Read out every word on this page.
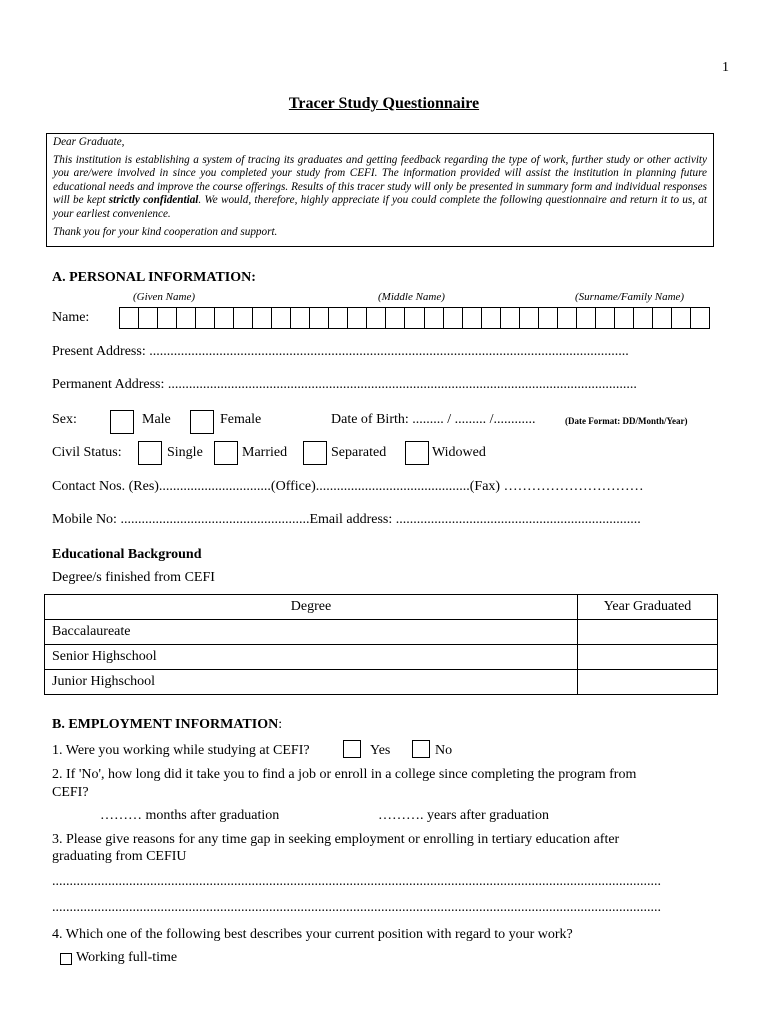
1
Tracer Study Questionnaire

Dear Graduate,

This institution is establishing a system of tracing its graduates and getting feedback regarding the type of work, further study or other activity you are/were involved in since you completed your study from CEFI. The information provided will assist the institution in planning future educational needs and improve the course offerings. Results of this tracer study will only be presented in summary form and individual responses will be kept strictly confidential. We would, therefore, highly appreciate if you could complete the following questionnaire and return it to us, at your earliest convenience.

Thank you for your kind cooperation and support.

A. PERSONAL INFORMATION:
(Given Name)	(Middle Name)	(Surname/Family Name)
Name:
Present Address: .........................................................................................................................................
Permanent Address: ......................................................................................................................................
Sex:	Male	Female	Date of Birth: ......... / ......... /............	(Date Format: DD/Month/Year)
Civil Status:	Single	Married	Separated	Widowed
Contact Nos. (Res)................................(Office)............................................(Fax) …………………………
Mobile No: ......................................................Email address: ......................................................................
Educational Background
Degree/s finished from CEFI
Degree	Year Graduated
Baccalaureate	
Senior Highschool	
Junior Highschool	
B. EMPLOYMENT INFORMATION:
1. Were you working while studying at CEFI?	Yes	No
2. If 'No', how long did it take you to find a job or enroll in a college since completing the program from
CEFI?
……… months after graduation	………. years after graduation
3. Please give reasons for any time gap in seeking employment or enrolling in tertiary education after
graduating from CEFIU
..............................................................................................................................................................................
..............................................................................................................................................................................
4. Which one of the following best describes your current position with regard to your work?
Working full-time
